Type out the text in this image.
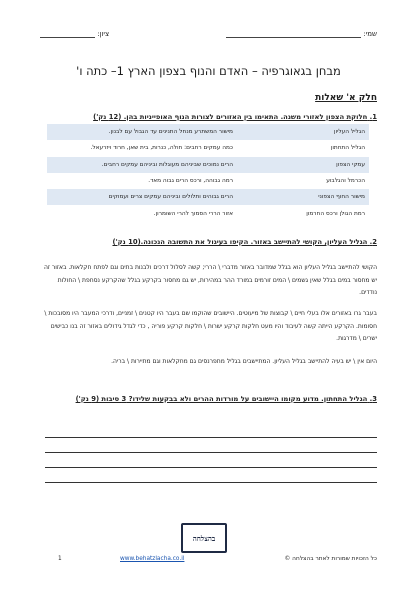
שמי:
ציון:
מבחן בגאוגרפיה – האדם והנוף בצפון הארץ 1– כתה ו'
חלק א' שאלות
1. חלוקת הצפון לאזורי משנה. התאימו בין האזורים לצורות הנוף האופייניות בהן. (12 נק')
הגליל העליון	מישור המשתרע מנחל התנינים עד הגבול עם לבנון.
הגליל התחתון	כמה עמקים רחבים: חולה, כנרות, בית שאן, חרוד ויזרעאל.
עמקי הצפון	הרים נמוכים שביניהם מעוגלות וביניהם עמקים רחבים.
הכרמל והגלבוע	רמה גבוהה, ורכס הרים גבוה מאד.
מישור החוף הצפוני	הרים גבוהים ותלולים וביניהם עמקים צרים ועמוקים
רמת הגולן ורכס החרמון	אזור הררי הסמוך להרי השומרון.
2. הגליל העליון, הקושי להתיישב באזור. הקיפו בעיגול את התשובה הנכונה.(10 נק')
הקושי להתיישב בגליל העליון הוא בגלל שמדובר באזור מדברי \ הררי; קשה לסלול דרכים ולבנות בתים וגם לפתח חקלאות. באזור זה יש מחסור במים בגלל שאין גשמים \ המים זורמים במורד ההר במהירות, יש גם מחסור בקרקע בגלל שהקרקע נסחפת \ החולות נודדים.
בעבר גרו באזורים אלו בעלי חיים \ קבוצות של מיעוטים. היישובים שהוקמו שם בעבר היו קטנים \ זמניים, ודרכי המעבר היו מסובכות \ חסומות. הקרקע הייתה קשה לעיבוד והיו מעט חלקות קרקע ישרות \ חלקות קרקע פוריה , כדי לגדל גידולים באזור זה בנו כבישים ישרים \ מדרגות.
היום אין \ יש בעיה להתיישב בגליל העליון. המתיישבים בגליל מתפרנסים גם מחקלאות וגם מתיירות \ בריה.
3. הגליל התחתון. מדוע מקומו היישובים על מורדות ההרים ולא בבקעות שלידו? 3 סיבות (9 נק')
בהצלחה
כל הזכויות שמורות לאתר בהצלחה ©
www.behatzlacha.co.il
1
